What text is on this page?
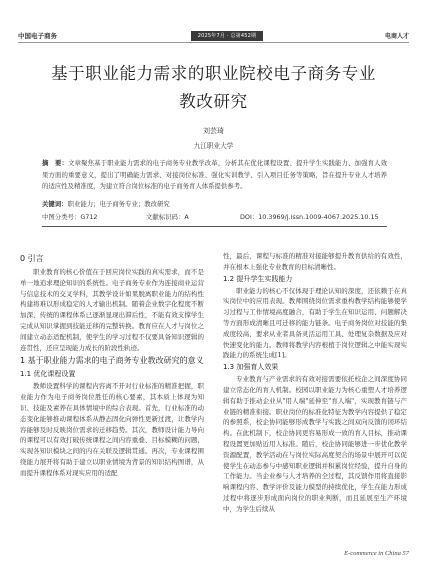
中国电子商务	2025年7月 · 总第452期	电商人才
基于职业能力需求的职业院校电子商务专业
教改研究
刘芸琦
九江职业大学
摘　要：文章聚焦基于职业能力需求的电子商务专业教学改革，分析其在优化课程设置、提升学生实践能力、加强育人效果方面的重要意义，提出了明确能力需求、对接岗位标准、强化实训教学、引入项目任务等策略，旨在提升专业人才培养的适应性及精准度，为建立符合岗位标准的电子商务育人体系提供参考。
关键词：职业能力；电子商务专业；教改研究
中图分类号：G712	文献标识码：A	DOI：10.3969/j.issn.1009-4067.2025.10.15
0 引言

职业教育的核心价值在于回应岗位实践的真实需求，而不是单一地追求理论知识的系统性。电子商务专业作为连接商业运营与信息技术的交叉学科，其教学设计如果脱离职业能力的结构性构建将难以形成稳定的人才输出机制。随着企业数字化程度不断加深，传统的课程体系已逐渐显现出滞后性，不能有效支撑学生完成从知识掌握到技能迁移的完整转换。教育应在人才与岗位之间建立动态适配机制，使学生的学习过程不仅要具备知识逻辑的连贯性，还应呈现能力成长的阶段性轨迹。

1 基于职业能力需求的电子商务专业教改研究的意义
1.1 优化课程设置

教师设置科学的课程内容离不开对行业标准的精准把握，职业能力作为电子商务岗位胜任的核心要素，其本质上体现为知识、技能及素养在具体情境中的综合表现。首先，行业标准的动态变化能够推动课程体系从静态固化向弹性更新过渡，让教学内容能够及时反映岗位需求的迁移趋势。其次，教师设计能力导向的课程可以有效打破传统课程之间内容重叠、目标模糊的问题，实现各知识模块之间的内在关联及逻辑贯通。再次，专业课程围绕能力展开将有助于建立以职业情境为背景的知识结构图谱，从而提升课程体系对现实应用的适配

性，最后，课程与标准的精准对接能够提升教育供给的有效性，并在根本上强化专业教育的目标清晰性。

1.2 提升学生实践能力

职业能力的核心不仅体现于理论认知的深度，还依赖于在真实岗位中的应用表现。教师围绕岗位需求重构教学结构能够使学习过程与工作情境高度融合，有助于学生在知识运用、问题解决等方面形成清晰且可迁移的能力链条。电子商务岗位对技能的集成度较高，要求从业者具备灵活运用工具、处理复杂数据及应对快速变化的能力。教师将教学内容根植于岗位逻辑之中能实现实践能力的系统生成[1]。

1.3 加强育人效果

专业教育与产业需求的有效对接需要依托校企之间深度协同建立常态化的育人机制。校园以职业能力为核心重塑人才培养逻辑有助于推动企业从"用人端"延伸至"育人端"，实现教育链与产业链的精准衔接。职业岗位的标准化特征为教学内容提供了稳定的参照系，校企协同能够形成教学与实践之间双向反馈的闭环结构。在此机制下，校企协同更容易形成一致的育人目标，推动课程设置更加贴近用人标准。随后，校企协同能够进一步优化教学资源配置，教学活动在与岗位实际高度契合的场景中展开可以促使学生在动态参与中感知职业逻辑并积累岗位经验，提升自身的工作能力。当企业参与人才培养的全过程，其反馈作用将直接影响课程内容、教学评价及能力模型的持续优化，学生在能力形成过程中将逐步形成面向岗位的职业判断，而且延展至生产环境中，为学生后续从

E-commerce in China 57
